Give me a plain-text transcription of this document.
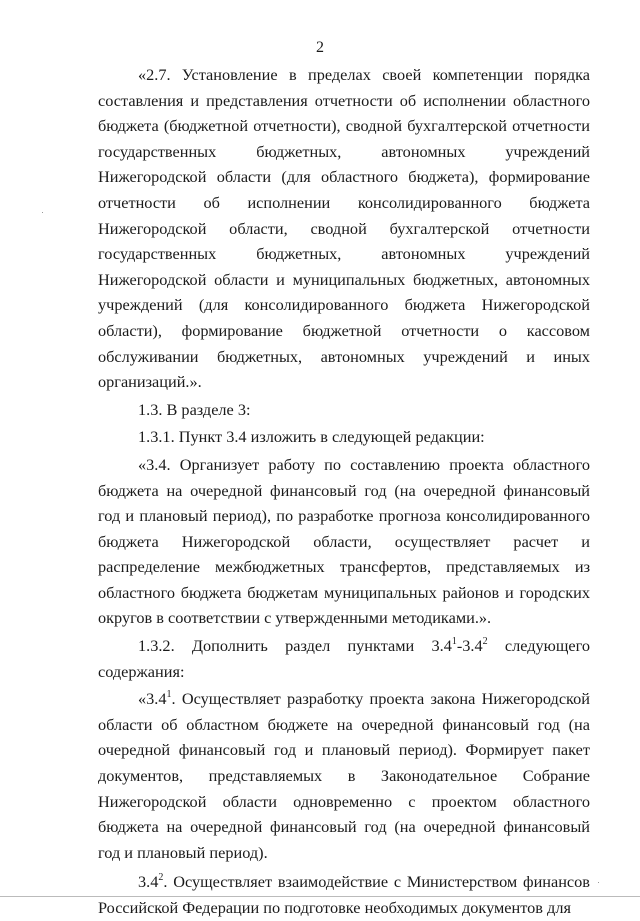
2

«2.7. Установление в пределах своей компетенции порядка составления и представления отчетности об исполнении областного бюджета (бюджетной отчетности), сводной бухгалтерской отчетности государственных бюджетных, автономных учреждений Нижегородской области (для областного бюджета), формирование отчетности об исполнении консолидированного бюджета Нижегородской области, сводной бухгалтерской отчетности государственных бюджетных, автономных учреждений Нижегородской области и муниципальных бюджетных, автономных учреждений (для консолидированного бюджета Нижегородской области), формирование бюджетной отчетности о кассовом обслуживании бюджетных, автономных учреждений и иных организаций.».

1.3. В разделе 3:

1.3.1. Пункт 3.4 изложить в следующей редакции:

«3.4. Организует работу по составлению проекта областного бюджета на очередной финансовый год (на очередной финансовый год и плановый период), по разработке прогноза консолидированного бюджета Нижегородской области, осуществляет расчет и распределение межбюджетных трансфертов, представляемых из областного бюджета бюджетам муниципальных районов и городских округов в соответствии с утвержденными методиками.».

1.3.2. Дополнить раздел пунктами $3.4^1-3.4^2$ следующего содержания:

«$3.4^1$. Осуществляет разработку проекта закона Нижегородской области об областном бюджете на очередной финансовый год (на очередной финансовый год и плановый период). Формирует пакет документов, представляемых в Законодательное Собрание Нижегородской области одновременно с проектом областного бюджета на очередной финансовый год (на очередной финансовый год и плановый период).

$3.4^2$. Осуществляет взаимодействие с Министерством финансов Российской Федерации по подготовке необходимых документов для
